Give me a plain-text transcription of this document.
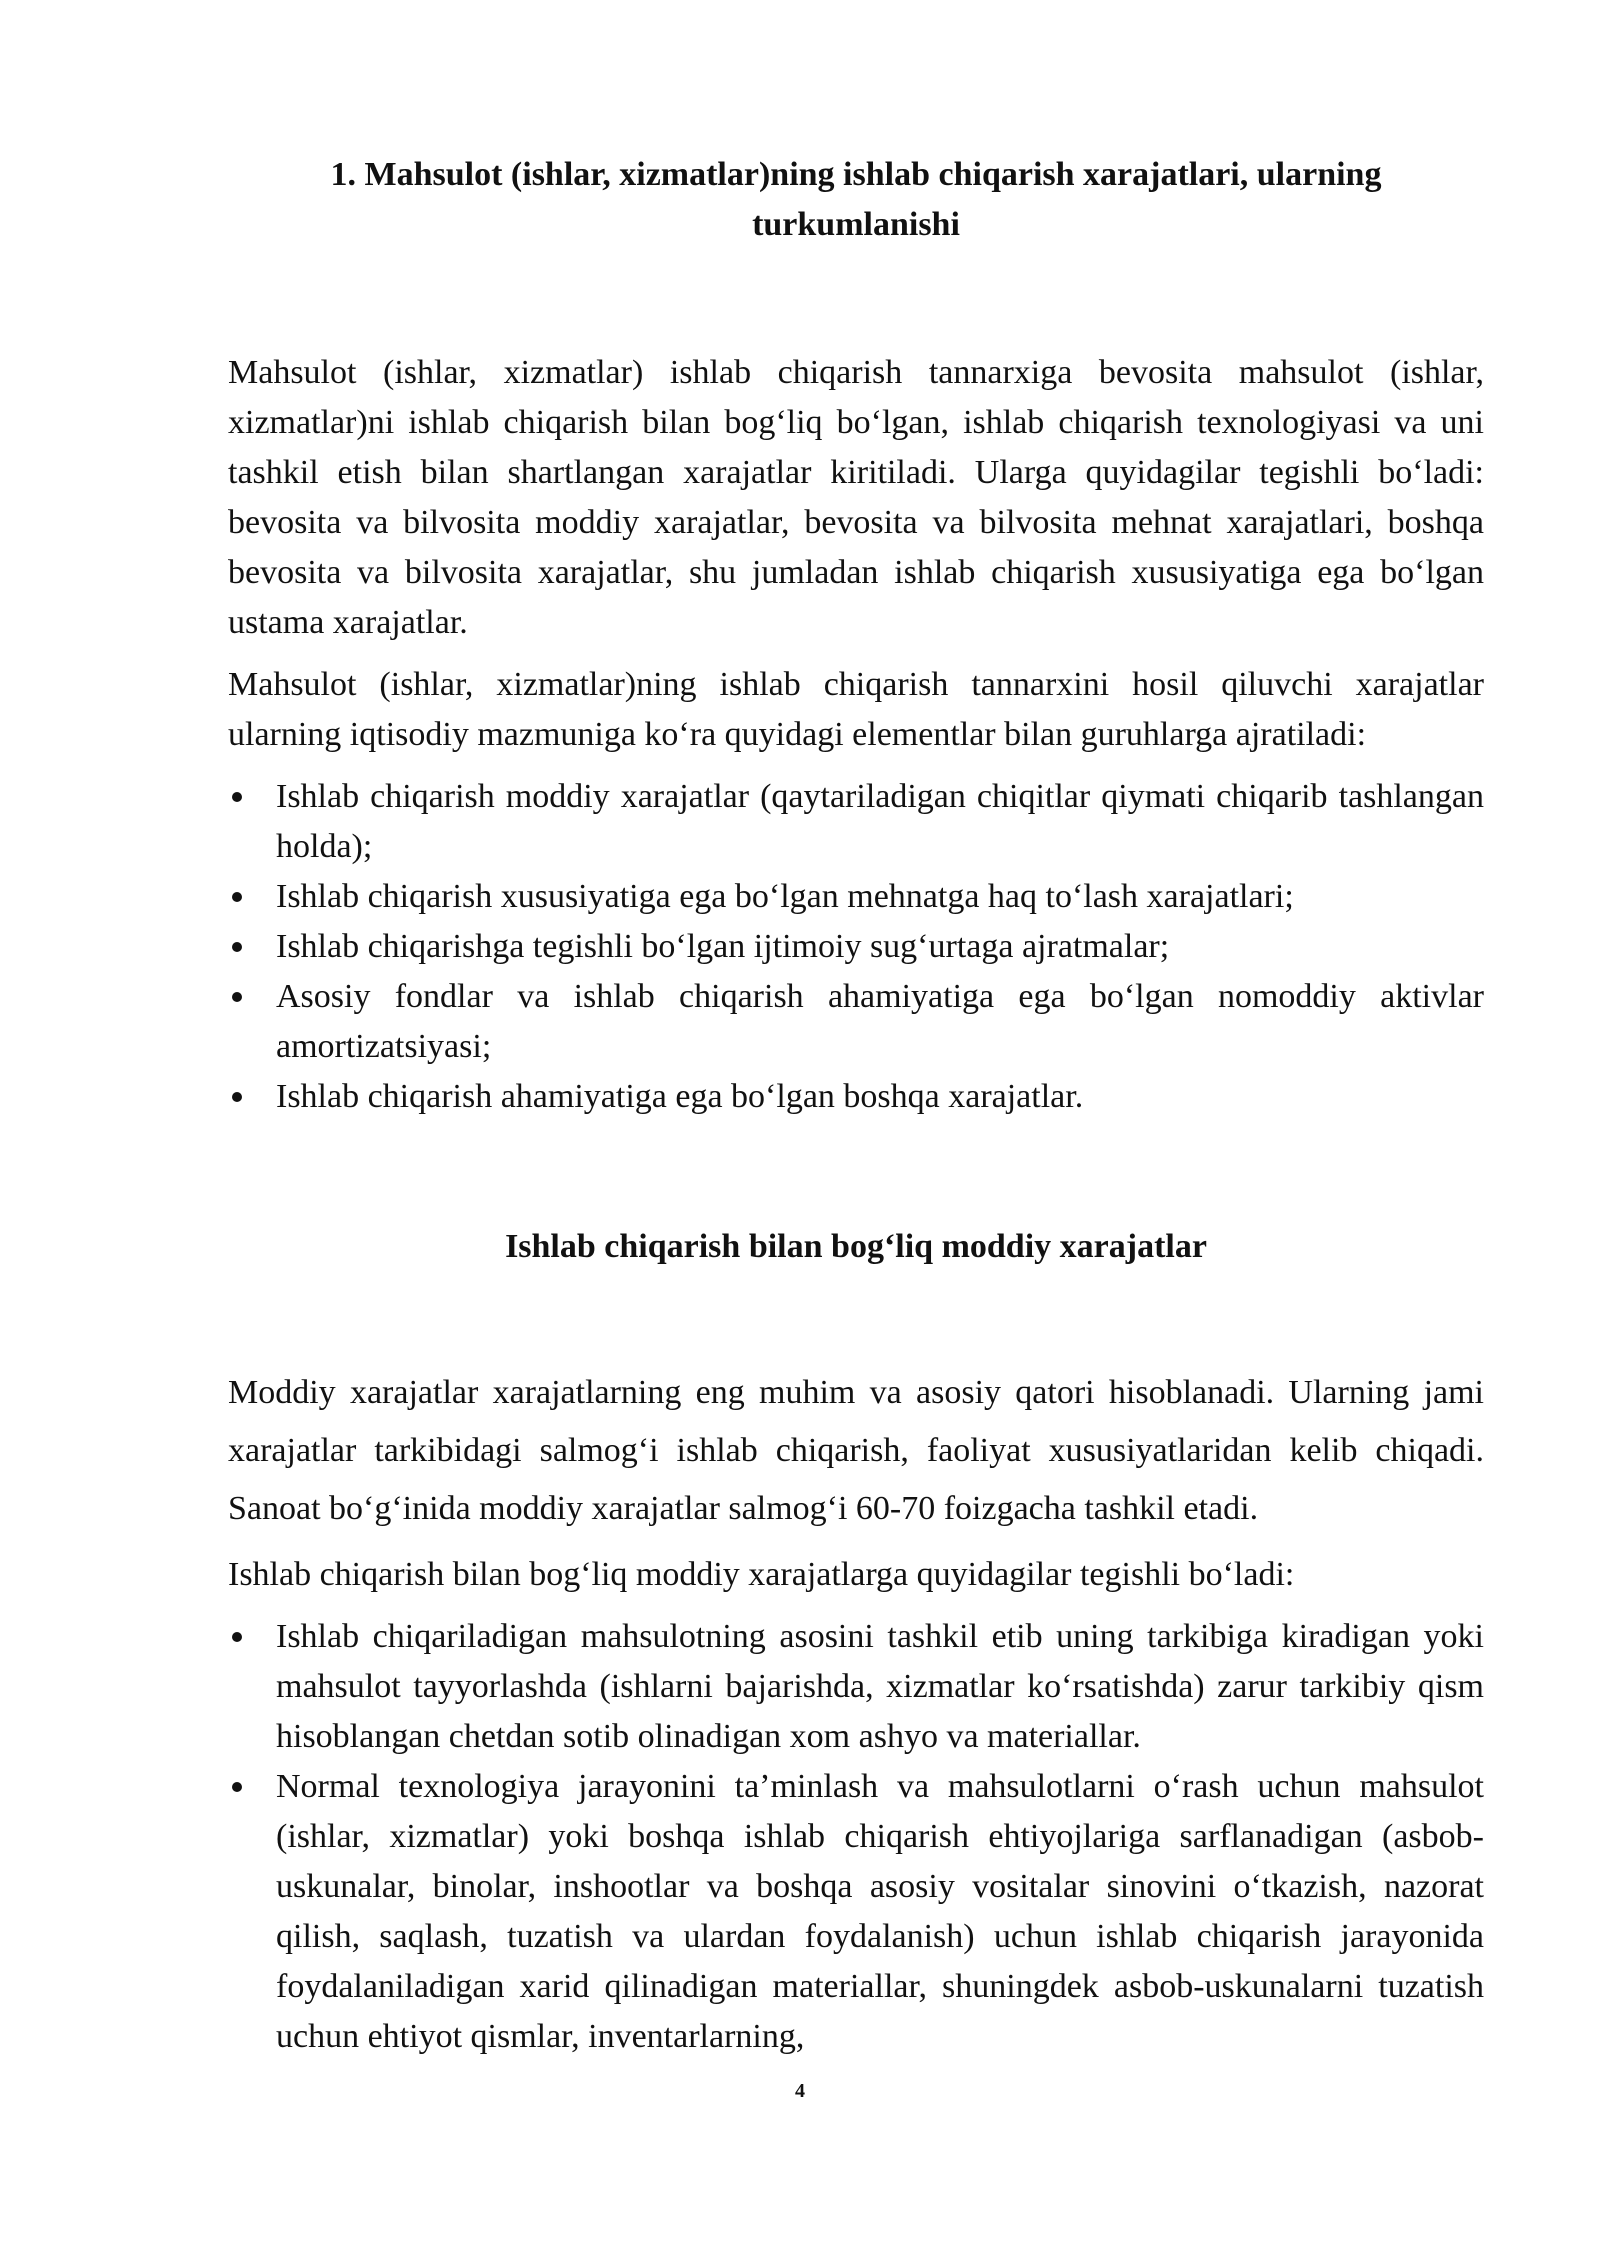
1. Mahsulot (ishlar, xizmatlar)ning ishlab chiqarish xarajatlari, ularning turkumlanishi

Mahsulot (ishlar, xizmatlar) ishlab chiqarish tannarxiga bevosita mahsulot (ishlar, xizmatlar)ni ishlab chiqarish bilan bog‘liq bo‘lgan, ishlab chiqarish texnologiyasi va uni tashkil etish bilan shartlangan xarajatlar kiritiladi. Ularga quyidagilar tegishli bo‘ladi: bevosita va bilvosita moddiy xarajatlar, bevosita va bilvosita mehnat xarajatlari, boshqa bevosita va bilvosita xarajatlar, shu jumladan ishlab chiqarish xususiyatiga ega bo‘lgan ustama xarajatlar.

Mahsulot (ishlar, xizmatlar)ning ishlab chiqarish tannarxini hosil qiluvchi xarajatlar ularning iqtisodiy mazmuniga ko‘ra quyidagi elementlar bilan guruhlarga ajratiladi:

Ishlab chiqarish moddiy xarajatlar (qaytariladigan chiqitlar qiymati chiqarib tashlangan holda);
Ishlab chiqarish xususiyatiga ega bo‘lgan mehnatga haq to‘lash xarajatlari;
Ishlab chiqarishga tegishli bo‘lgan ijtimoiy sug‘urtaga ajratmalar;
Asosiy fondlar va ishlab chiqarish ahamiyatiga ega bo‘lgan nomoddiy aktivlar amortizatsiyasi;
Ishlab chiqarish ahamiyatiga ega bo‘lgan boshqa xarajatlar.
Ishlab chiqarish bilan bog‘liq moddiy xarajatlar

Moddiy xarajatlar xarajatlarning eng muhim va asosiy qatori hisoblanadi. Ularning jami xarajatlar tarkibidagi salmog‘i ishlab chiqarish, faoliyat xususiyatlaridan kelib chiqadi. Sanoat bo‘g‘inida moddiy xarajatlar salmog‘i 60-70 foizgacha tashkil etadi.

Ishlab chiqarish bilan bog‘liq moddiy xarajatlarga quyidagilar tegishli bo‘ladi:

Ishlab chiqariladigan mahsulotning asosini tashkil etib uning tarkibiga kiradigan yoki mahsulot tayyorlashda (ishlarni bajarishda, xizmatlar ko‘rsatishda) zarur tarkibiy qism hisoblangan chetdan sotib olinadigan xom ashyo va materiallar.
Normal texnologiya jarayonini ta’minlash va mahsulotlarni o‘rash uchun mahsulot (ishlar, xizmatlar) yoki boshqa ishlab chiqarish ehtiyojlariga sarflanadigan (asbob-uskunalar, binolar, inshootlar va boshqa asosiy vositalar sinovini o‘tkazish, nazorat qilish, saqlash, tuzatish va ulardan foydalanish) uchun ishlab chiqarish jarayonida foydalaniladigan xarid qilinadigan materiallar, shuningdek asbob-uskunalarni tuzatish uchun ehtiyot qismlar, inventarlarning,
4
